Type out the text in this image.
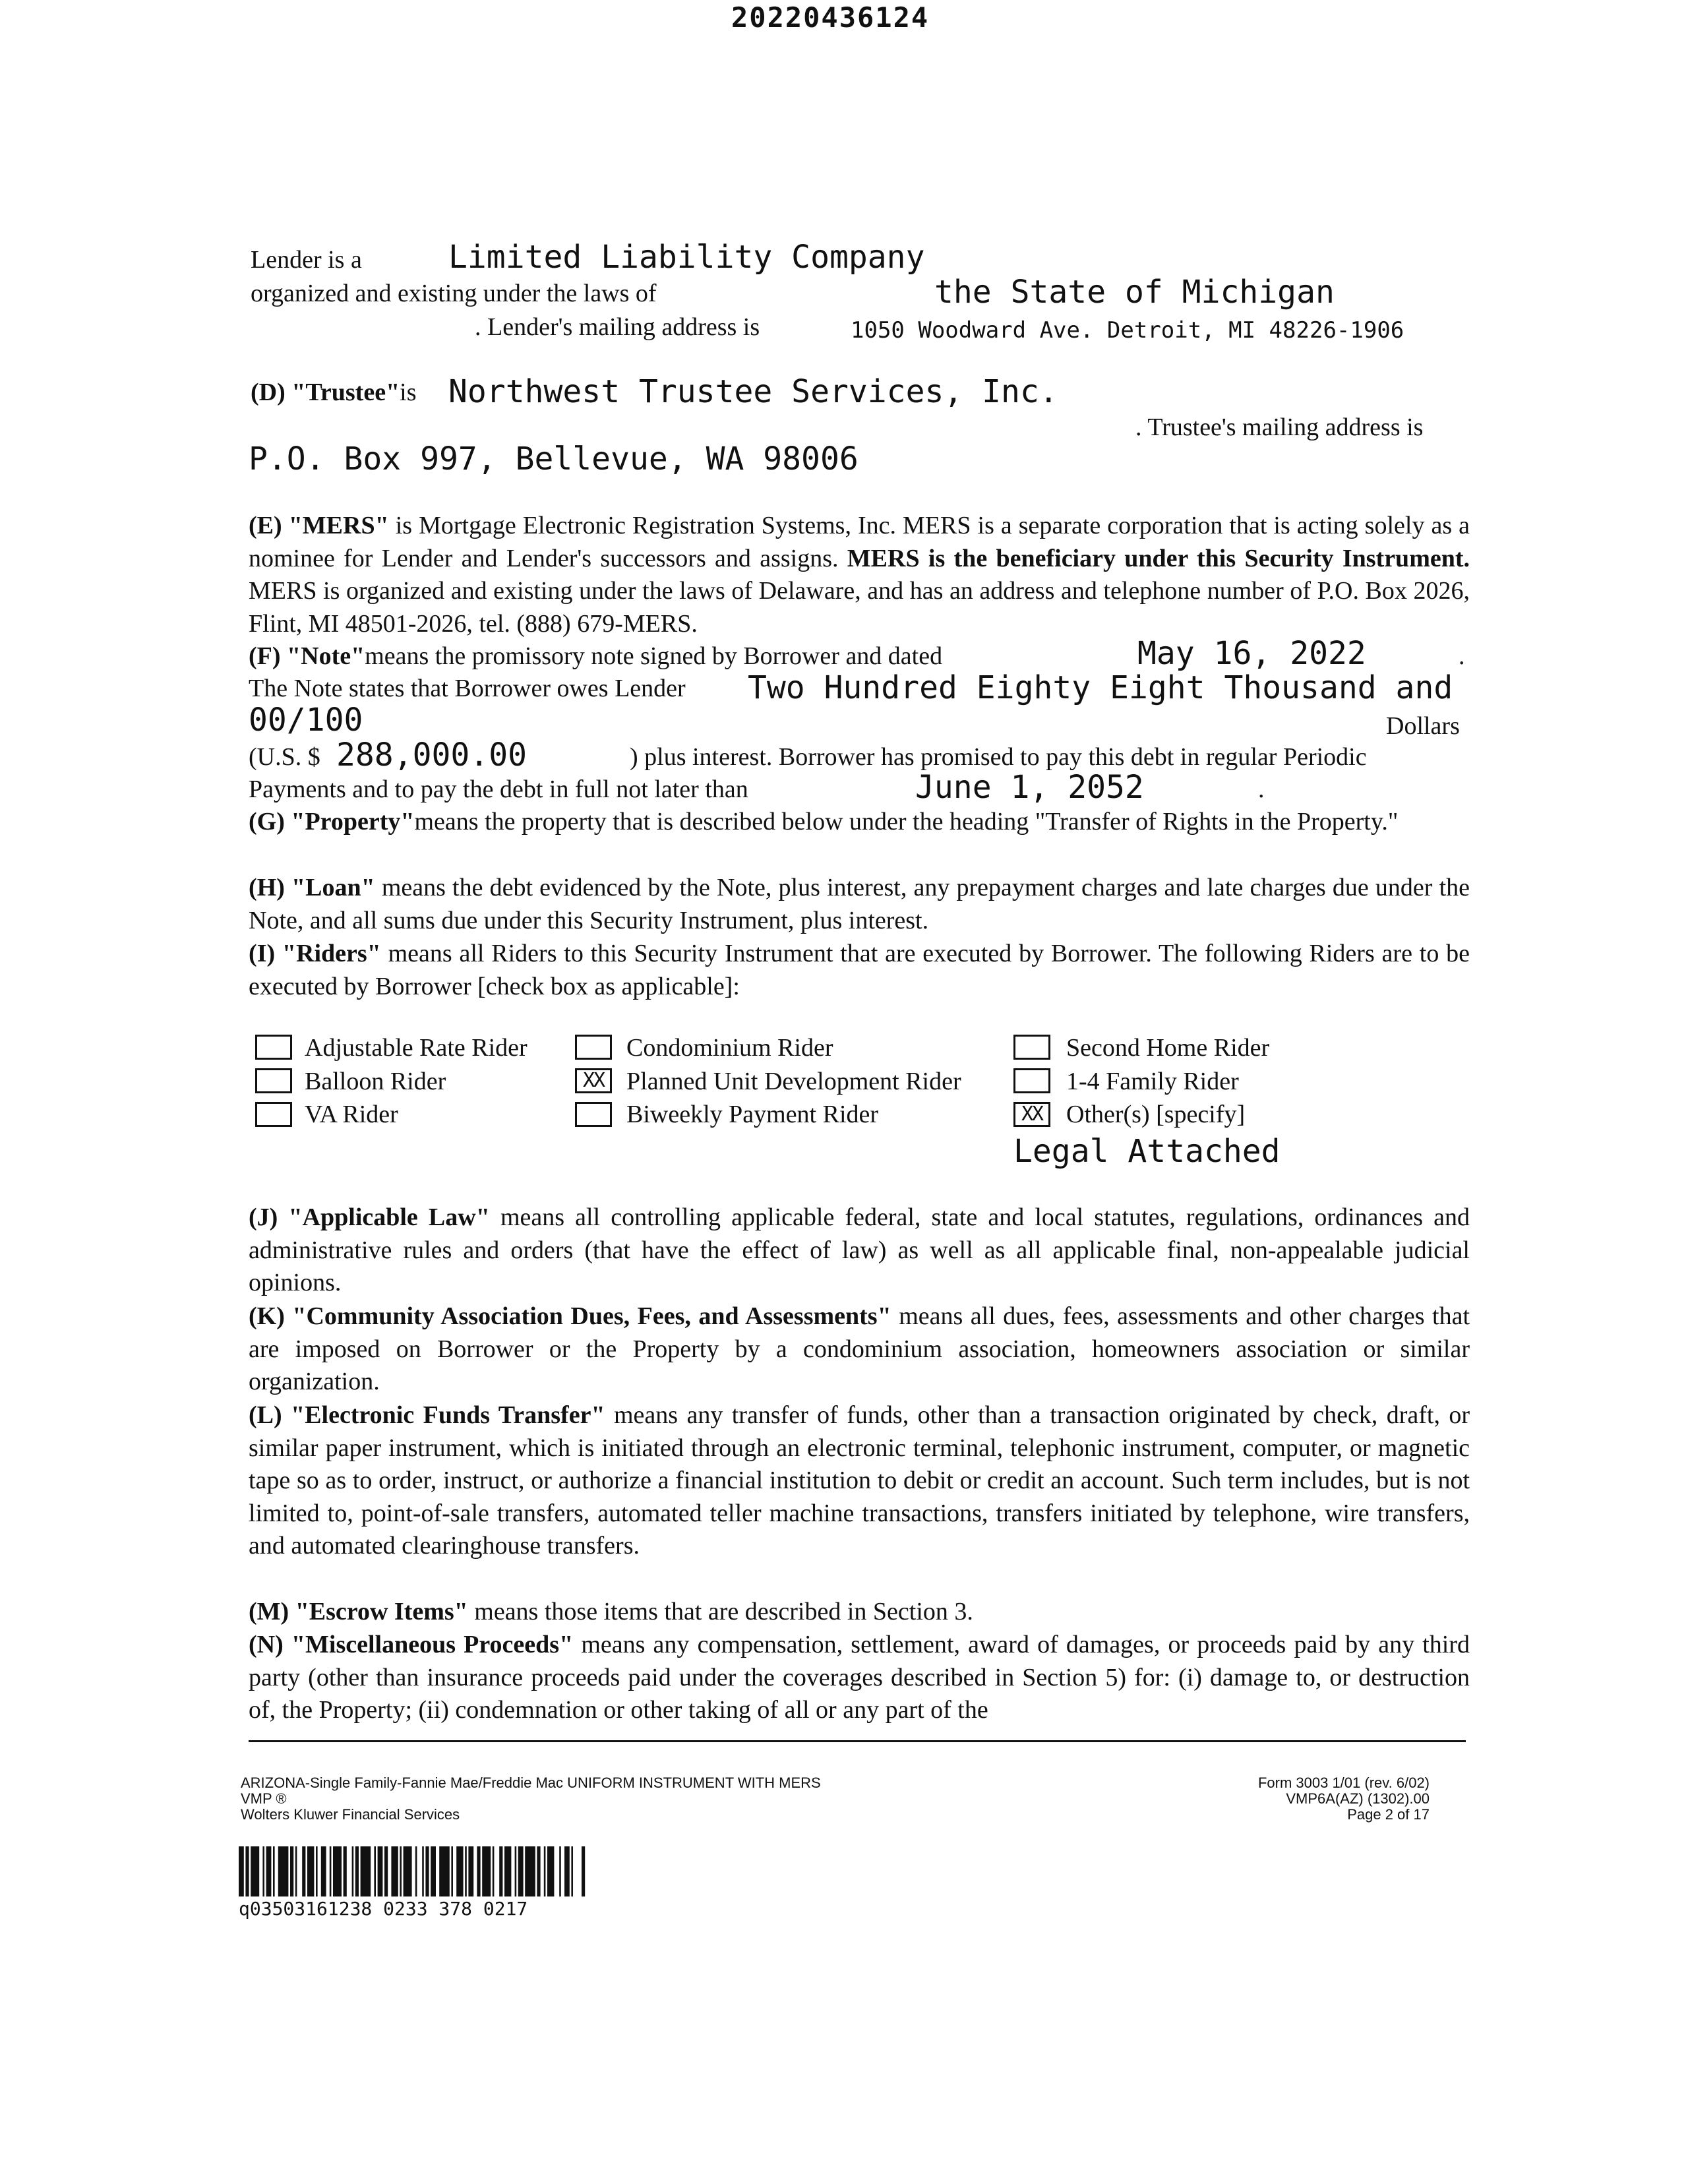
20220436124
Lender is a	Limited Liability Company
organized and existing under the laws of	the State of Michigan
. Lender's mailing address is	1050 Woodward Ave. Detroit, MI 48226-1906
(D) "Trustee"is Northwest Trustee Services, Inc.
. Trustee's mailing address is
P.O. Box 997, Bellevue, WA 98006
(E) "MERS" is Mortgage Electronic Registration Systems, Inc. MERS is a separate corporation that is acting solely as a nominee for Lender and Lender's successors and assigns. MERS is the beneficiary under this Security Instrument. MERS is organized and existing under the laws of Delaware, and has an address and telephone number of P.O. Box 2026, Flint, MI 48501-2026, tel. (888) 679-MERS.
(F) "Note"means the promissory note signed by Borrower and dated	May 16, 2022	.
The Note states that Borrower owes Lender Two Hundred Eighty Eight Thousand and
00/100	Dollars
(U.S. $ 288,000.00	) plus interest. Borrower has promised to pay this debt in regular Periodic
Payments and to pay the debt in full not later than	June 1, 2052	.
(G) "Property"means the property that is described below under the heading "Transfer of Rights in the Property."
(H) "Loan" means the debt evidenced by the Note, plus interest, any prepayment charges and late charges due under the Note, and all sums due under this Security Instrument, plus interest.
(I) "Riders" means all Riders to this Security Instrument that are executed by Borrower. The following Riders are to be executed by Borrower [check box as applicable]:
Adjustable Rate Rider
Balloon Rider
VA Rider
Condominium Rider
XX Planned Unit Development Rider
Biweekly Payment Rider
Second Home Rider
1-4 Family Rider
XX Other(s) [specify]
Legal Attached
(J) "Applicable Law" means all controlling applicable federal, state and local statutes, regulations, ordinances and administrative rules and orders (that have the effect of law) as well as all applicable final, non-appealable judicial opinions.
(K) "Community Association Dues, Fees, and Assessments" means all dues, fees, assessments and other charges that are imposed on Borrower or the Property by a condominium association, homeowners association or similar organization.
(L) "Electronic Funds Transfer" means any transfer of funds, other than a transaction originated by check, draft, or similar paper instrument, which is initiated through an electronic terminal, telephonic instrument, computer, or magnetic tape so as to order, instruct, or authorize a financial institution to debit or credit an account. Such term includes, but is not limited to, point-of-sale transfers, automated teller machine transactions, transfers initiated by telephone, wire transfers, and automated clearinghouse transfers.
(M) "Escrow Items" means those items that are described in Section 3.
(N) "Miscellaneous Proceeds" means any compensation, settlement, award of damages, or proceeds paid by any third party (other than insurance proceeds paid under the coverages described in Section 5) for: (i) damage to, or destruction of, the Property; (ii) condemnation or other taking of all or any part of the
ARIZONA-Single Family-Fannie Mae/Freddie Mac UNIFORM INSTRUMENT WITH MERS
VMP ®
Wolters Kluwer Financial Services
Form 3003 1/01 (rev. 6/02)
VMP6A(AZ) (1302).00
Page 2 of 17
q03503161238 0233 378 0217
